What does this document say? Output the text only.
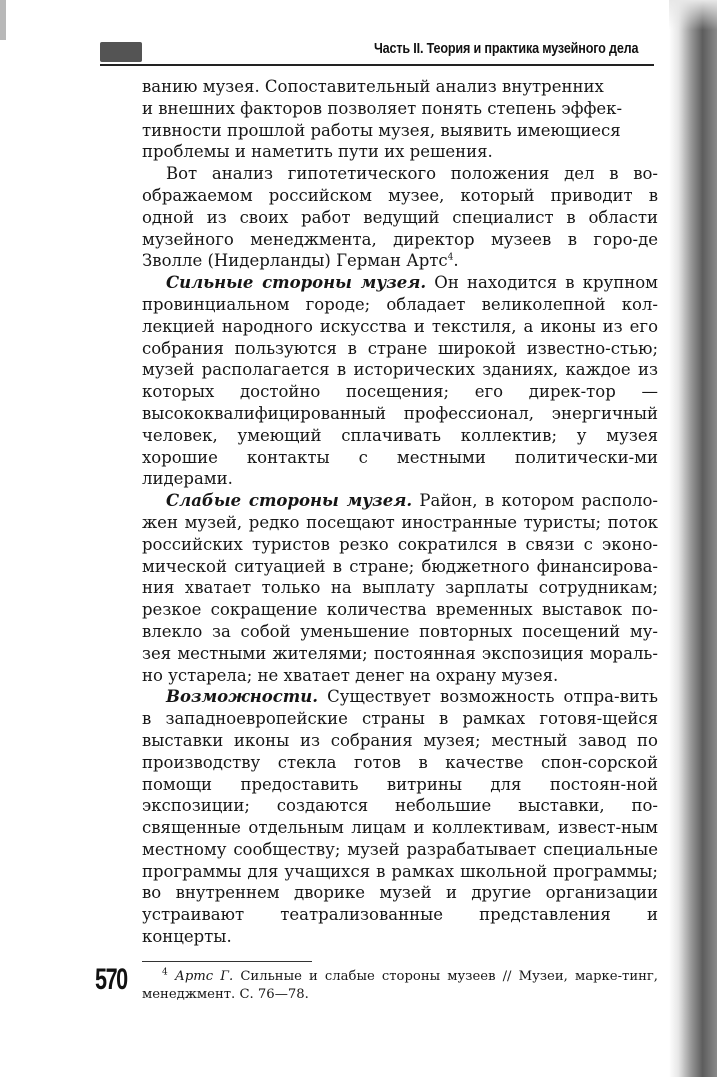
Часть II. Теория и практика музейного дела

ванию музея. Сопоставительный анализ внутренних
и внешних факторов позволяет понять степень эффек-
тивности прошлой работы музея, выявить имеющиеся
проблемы и наметить пути их решения.

Вот анализ гипотетического положения дел в во-ображаемом российском музее, который приводит в одной из своих работ ведущий специалист в области музейного менеджмента, директор музеев в горо-де Зволле (Нидерланды) Герман Артс$^4$.

Сильные стороны музея. Он находится в крупном провинциальном городе; обладает великолепной кол-лекцией народного искусства и текстиля, а иконы из его собрания пользуются в стране широкой известно-стью; музей располагается в исторических зданиях, каждое из которых достойно посещения; его дирек-тор — высококвалифицированный профессионал, энергичный человек, умеющий сплачивать коллектив; у музея хорошие контакты с местными политически-ми лидерами.

Слабые стороны музея. Район, в котором располо-жен музей, редко посещают иностранные туристы; поток российских туристов резко сократился в связи с эконо-мической ситуацией в стране; бюджетного финансирова-ния хватает только на выплату зарплаты сотрудникам; резкое сокращение количества временных выставок по-влекло за собой уменьшение повторных посещений му-зея местными жителями; постоянная экспозиция мораль-но устарела; не хватает денег на охрану музея.

Возможности. Существует возможность отпра-вить в западноевропейские страны в рамках готовя-щейся выставки иконы из собрания музея; местный завод по производству стекла готов в качестве спон-сорской помощи предоставить витрины для постоян-ной экспозиции; создаются небольшие выставки, по-священные отдельным лицам и коллективам, извест-ным местному сообществу; музей разрабатывает специальные программы для учащихся в рамках школьной программы; во внутреннем дворике музей и другие организации устраивают театрализованные представления и концерты.

570	$^4$ Артс Г. Сильные и слабые стороны музеев // Музеи, марке-тинг, менеджмент. С. 76—78.
